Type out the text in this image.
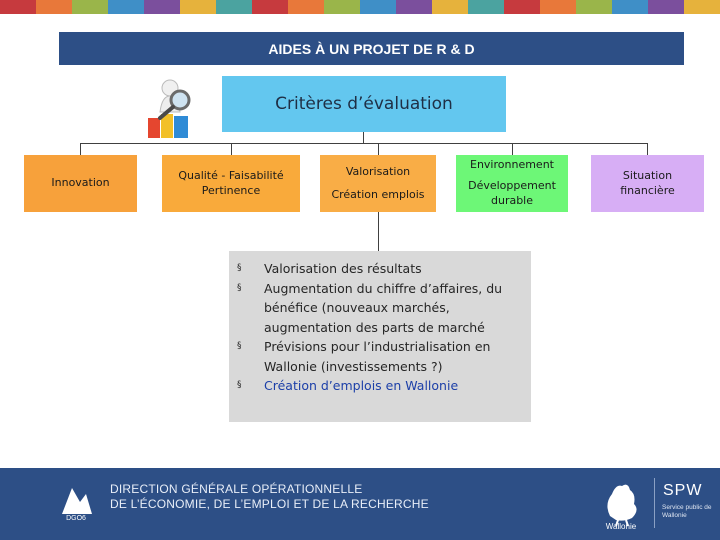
AIDES À UN PROJET DE R & D
Critères d’évaluation
Innovation
Qualité - Faisabilité
Pertinence
Valorisation
Création emplois
Environnement
Développement durable
Situation financière
§	Valorisation des résultats
§	Augmentation du chiffre d’affaires, du bénéfice (nouveaux marchés, augmentation des parts de marché
§	Prévisions pour l’industrialisation en Wallonie (investissements ?)
§	Création d’emplois en Wallonie
DGO6
DIRECTION GÉNÉRALE OPÉRATIONNELLE
DE L’ÉCONOMIE, DE L’EMPLOI ET DE LA RECHERCHE
Wallonie
SPW
Service public de Wallonie
